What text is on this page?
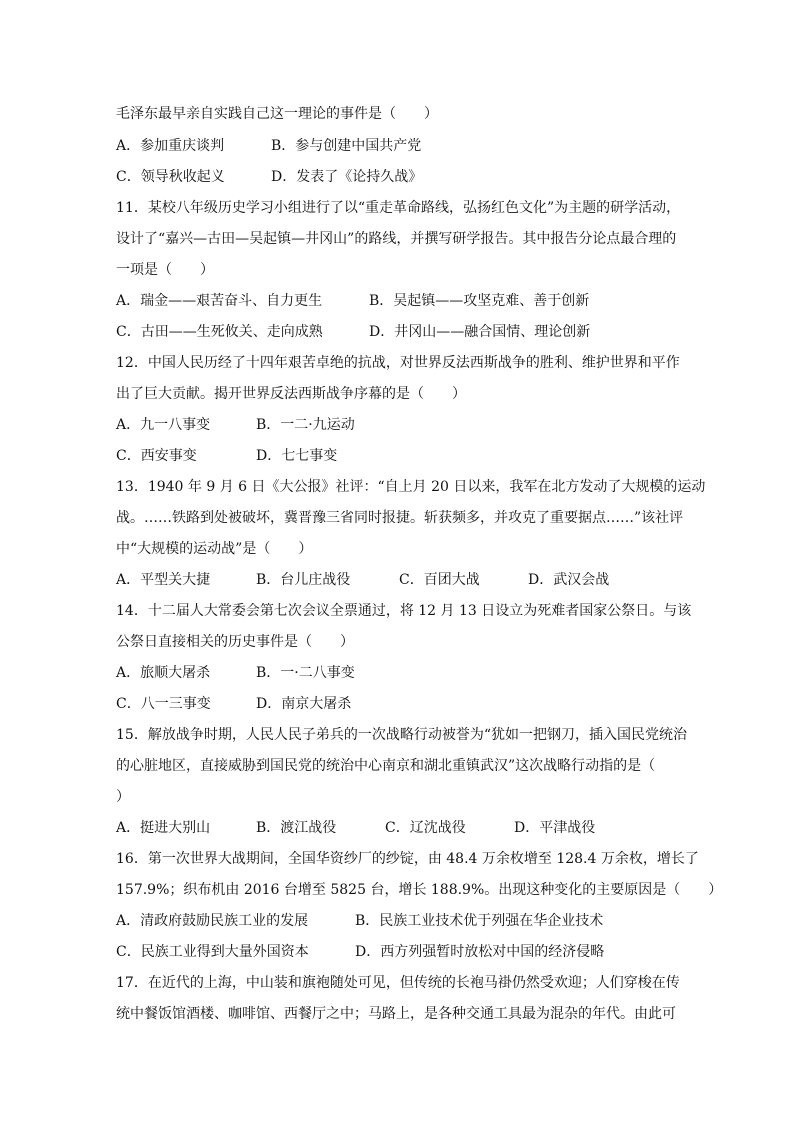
毛泽东最早亲自实践自己这一理论的事件是（　　）
A．参加重庆谈判	B．参与创建中国共产党
C．领导秋收起义	D．发表了《论持久战》
11．某校八年级历史学习小组进行了以“重走革命路线，弘扬红色文化”为主题的研学活动，
设计了“嘉兴—古田—吴起镇—井冈山”的路线，并撰写研学报告。其中报告分论点最合理的
一项是（　　）
A．瑞金——艰苦奋斗、自力更生	B．吴起镇——攻坚克难、善于创新
C．古田——生死攸关、走向成熟	D．井冈山——融合国情、理论创新
12．中国人民历经了十四年艰苦卓绝的抗战，对世界反法西斯战争的胜利、维护世界和平作
出了巨大贡献。揭开世界反法西斯战争序幕的是（　　）
A．九一八事变	B．一二·九运动
C．西安事变	D．七七事变
13．1940 年 9 月 6 日《大公报》社评：“自上月 20 日以来，我军在北方发动了大规模的运动
战。……铁路到处被破坏，冀晋豫三省同时报捷。斩获频多，并攻克了重要据点……”该社评
中“大规模的运动战”是（　　）
A．平型关大捷	B．台儿庄战役	C．百团大战	D．武汉会战
14．十二届人大常委会第七次会议全票通过，将 12 月 13 日设立为死难者国家公祭日。与该
公祭日直接相关的历史事件是（　　）
A．旅顺大屠杀	B．一·二八事变
C．八一三事变	D．南京大屠杀
15．解放战争时期，人民人民子弟兵的一次战略行动被誉为“犹如一把钢刀，插入国民党统治
的心脏地区，直接威胁到国民党的统治中心南京和湖北重镇武汉”这次战略行动指的是（
）
A．挺进大别山	B．渡江战役	C．辽沈战役	D．平津战役
16．第一次世界大战期间，全国华资纱厂的纱锭，由 48.4 万余枚增至 128.4 万余枚，增长了
157.9%；织布机由 2016 台增至 5825 台，增长 188.9%。出现这种变化的主要原因是（　　）
A．清政府鼓励民族工业的发展	B．民族工业技术优于列强在华企业技术
C．民族工业得到大量外国资本	D．西方列强暂时放松对中国的经济侵略
17．在近代的上海，中山装和旗袍随处可见，但传统的长袍马褂仍然受欢迎；人们穿梭在传
统中餐饭馆酒楼、咖啡馆、西餐厅之中；马路上，是各种交通工具最为混杂的年代。由此可
